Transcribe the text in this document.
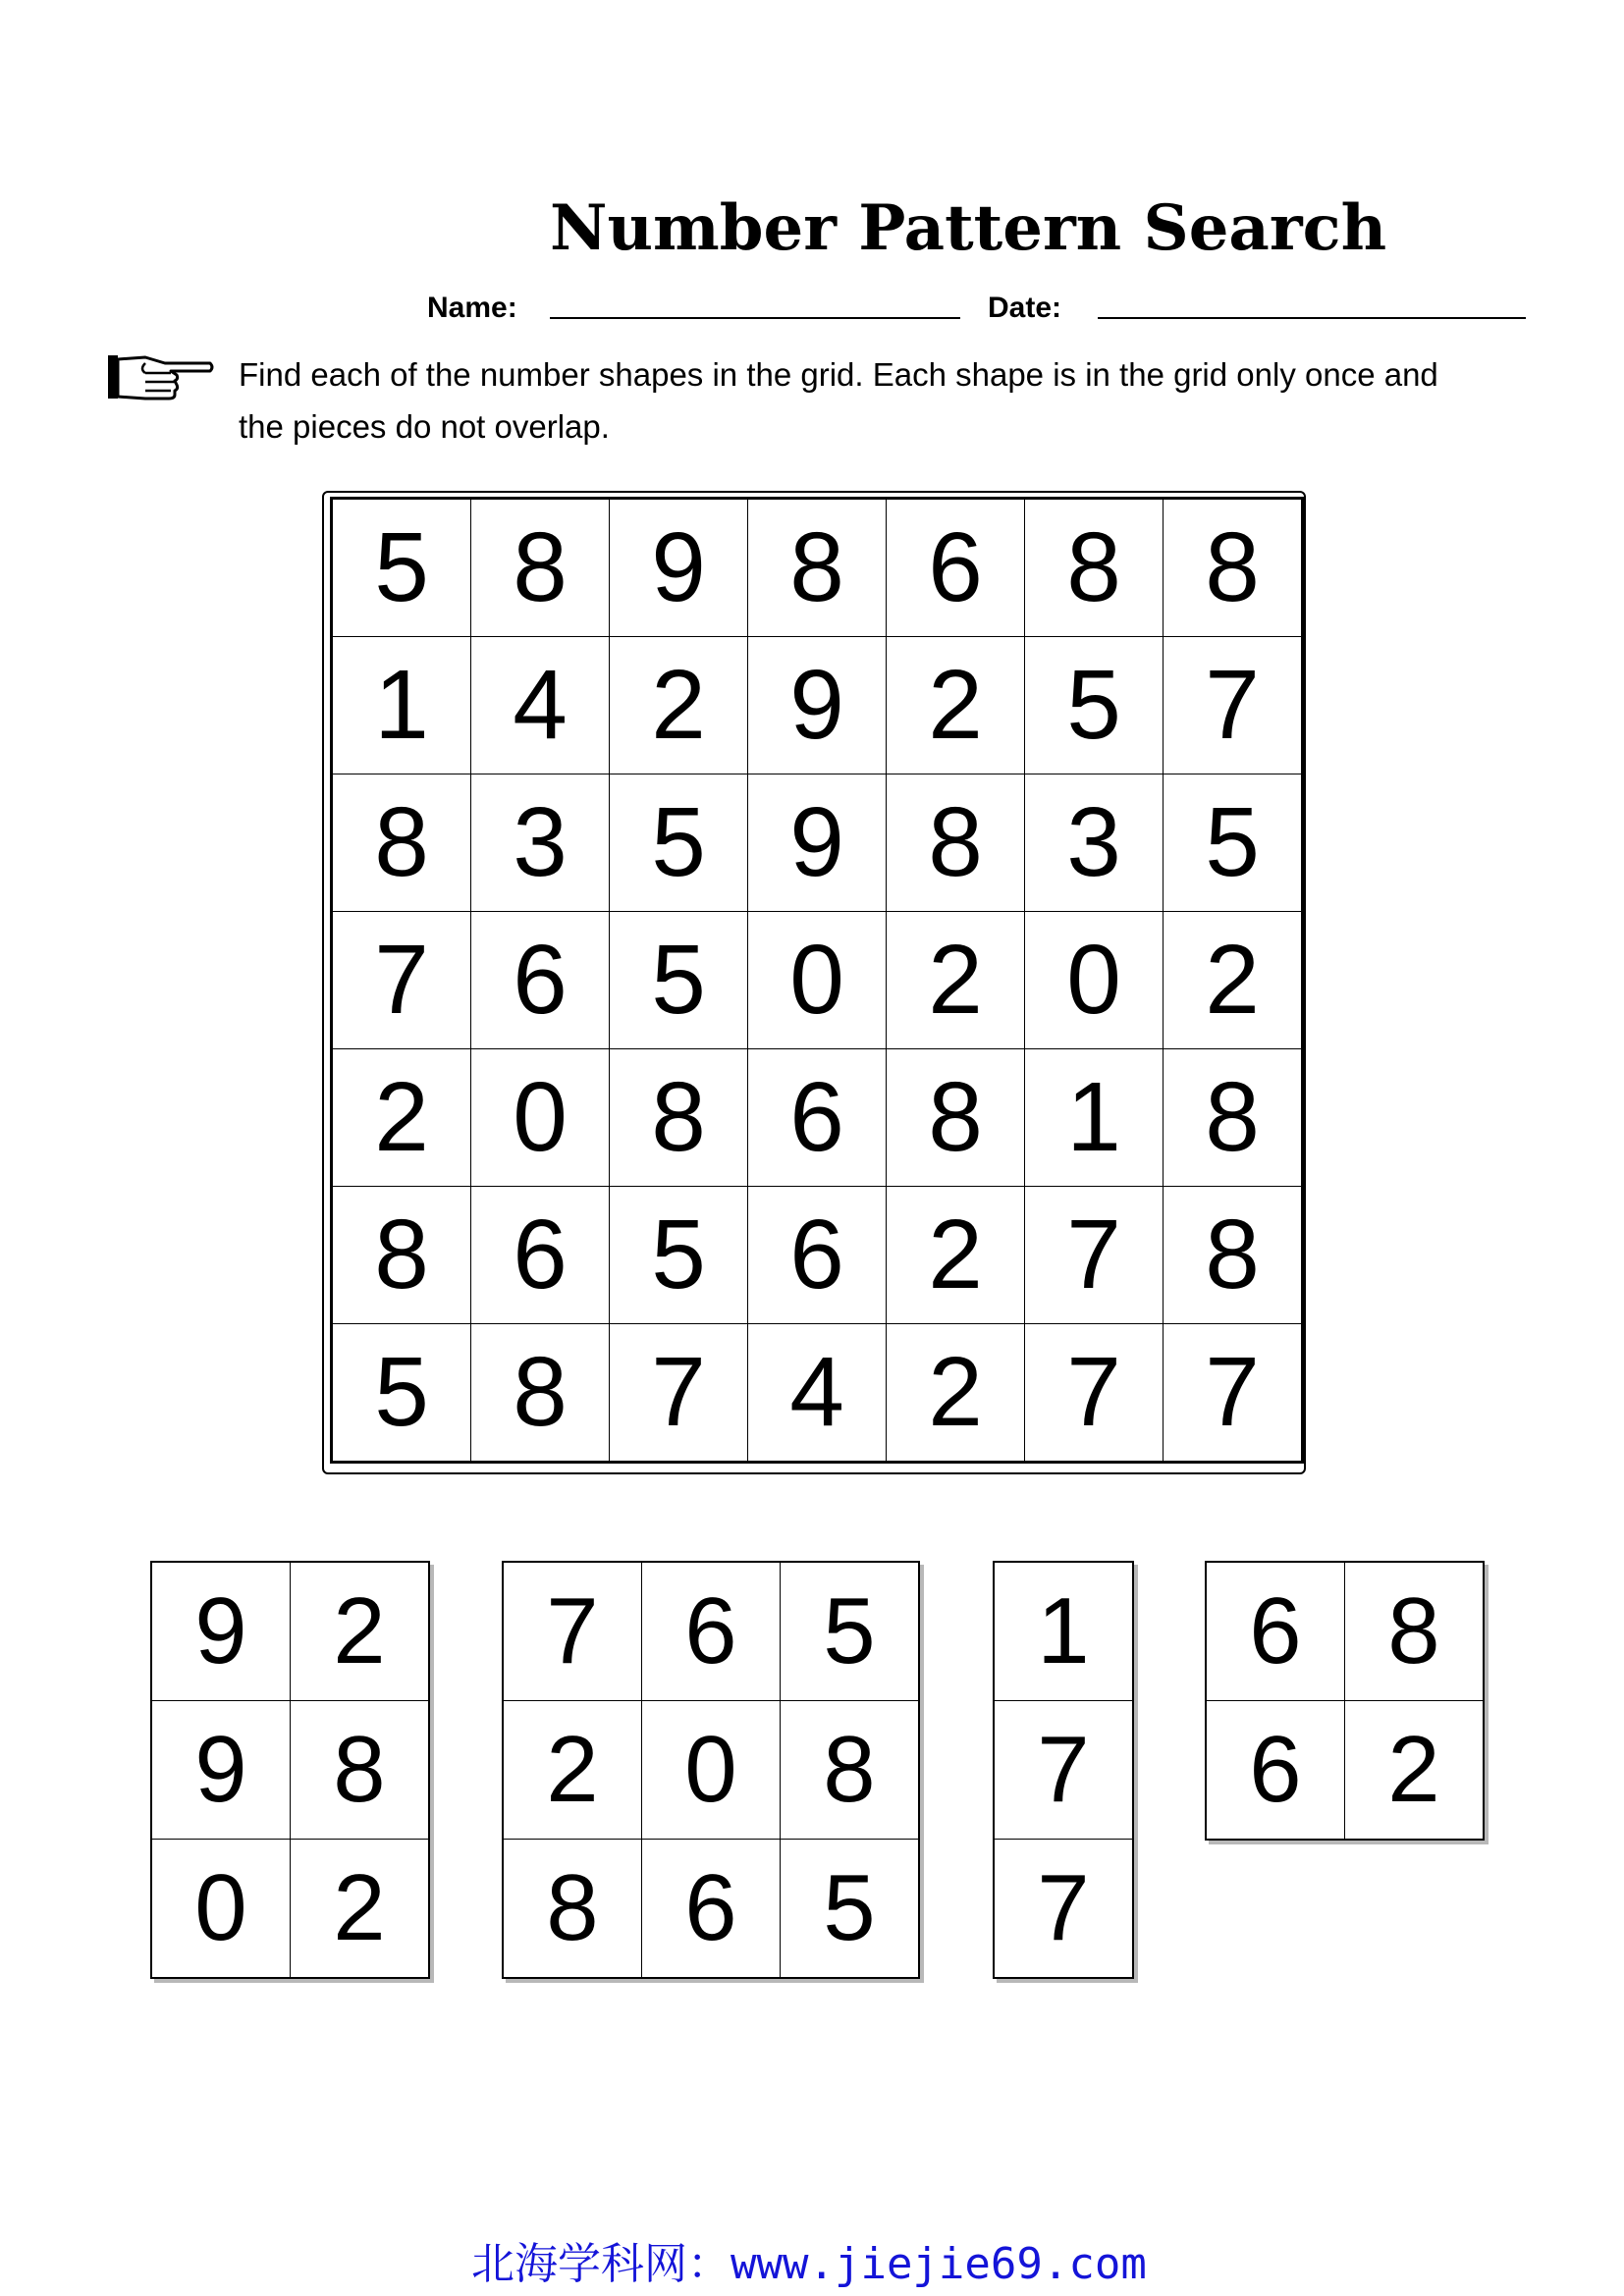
Number Pattern Search
Name:	Date:
Find each of the number shapes in the grid. Each shape is in the grid only once and
the pieces do not overlap.
5	8	9	8	6	8	8
1	4	2	9	2	5	7
8	3	5	9	8	3	5
7	6	5	0	2	0	2
2	0	8	6	8	1	8
8	6	5	6	2	7	8
5	8	7	4	2	7	7
9	2
9	8
0	2
7	6	5
2	0	8
8	6	5
1
7
7
6	8
6	2
北海学科网：www.jiejie69.com
